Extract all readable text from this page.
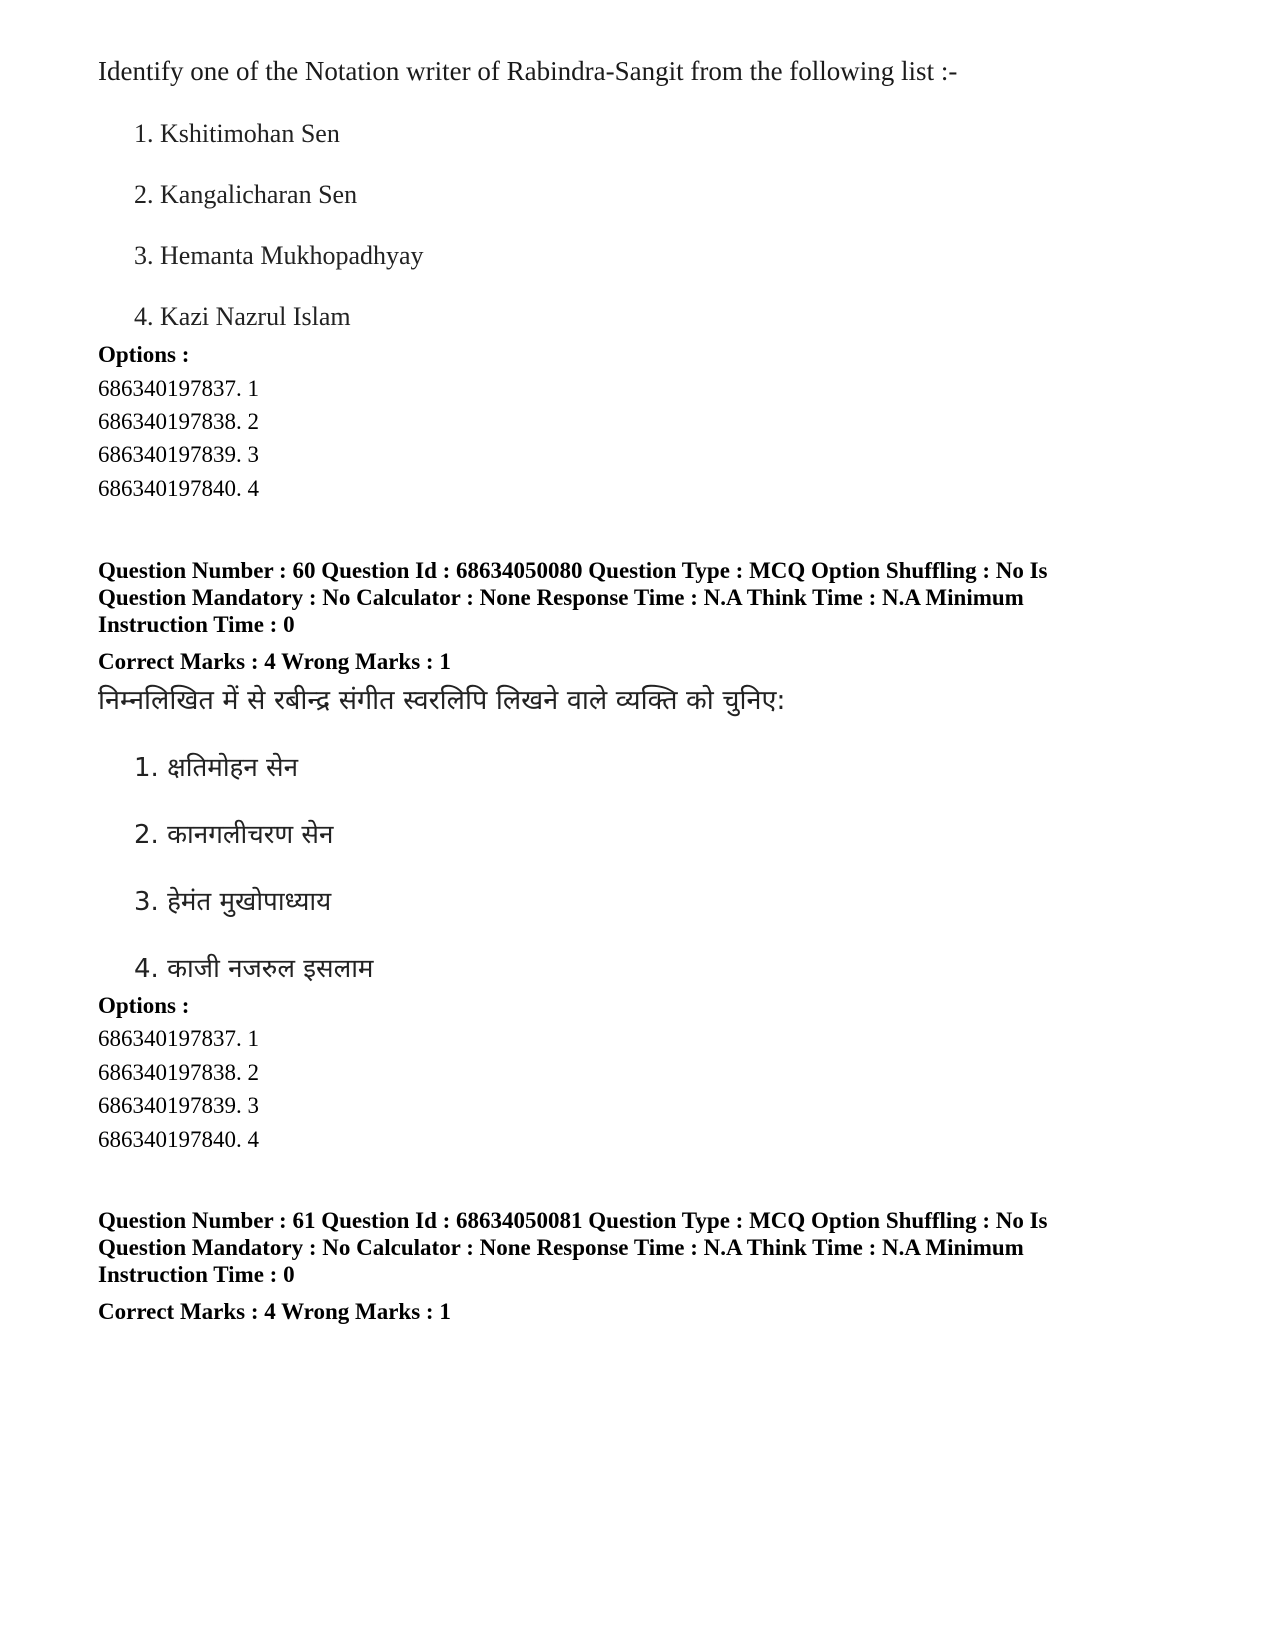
Identify one of the Notation writer of Rabindra-Sangit from the following list :-
1. Kshitimohan Sen
2. Kangalicharan Sen
3. Hemanta Mukhopadhyay
4. Kazi Nazrul Islam
Options :
686340197837. 1
686340197838. 2
686340197839. 3
686340197840. 4
Question Number : 60 Question Id : 68634050080 Question Type : MCQ Option Shuffling : No Is
Question Mandatory : No Calculator : None Response Time : N.A Think Time : N.A Minimum
Instruction Time : 0
Correct Marks : 4 Wrong Marks : 1
निम्नलिखित में से रबीन्द्र संगीत स्वरलिपि लिखने वाले व्यक्ति को चुनिए:
1. क्षतिमोहन सेन
2. कानगलीचरण सेन
3. हेमंत मुखोपाध्याय
4. काजी नजरुल इसलाम
Options :
686340197837. 1
686340197838. 2
686340197839. 3
686340197840. 4
Question Number : 61 Question Id : 68634050081 Question Type : MCQ Option Shuffling : No Is
Question Mandatory : No Calculator : None Response Time : N.A Think Time : N.A Minimum
Instruction Time : 0
Correct Marks : 4 Wrong Marks : 1
